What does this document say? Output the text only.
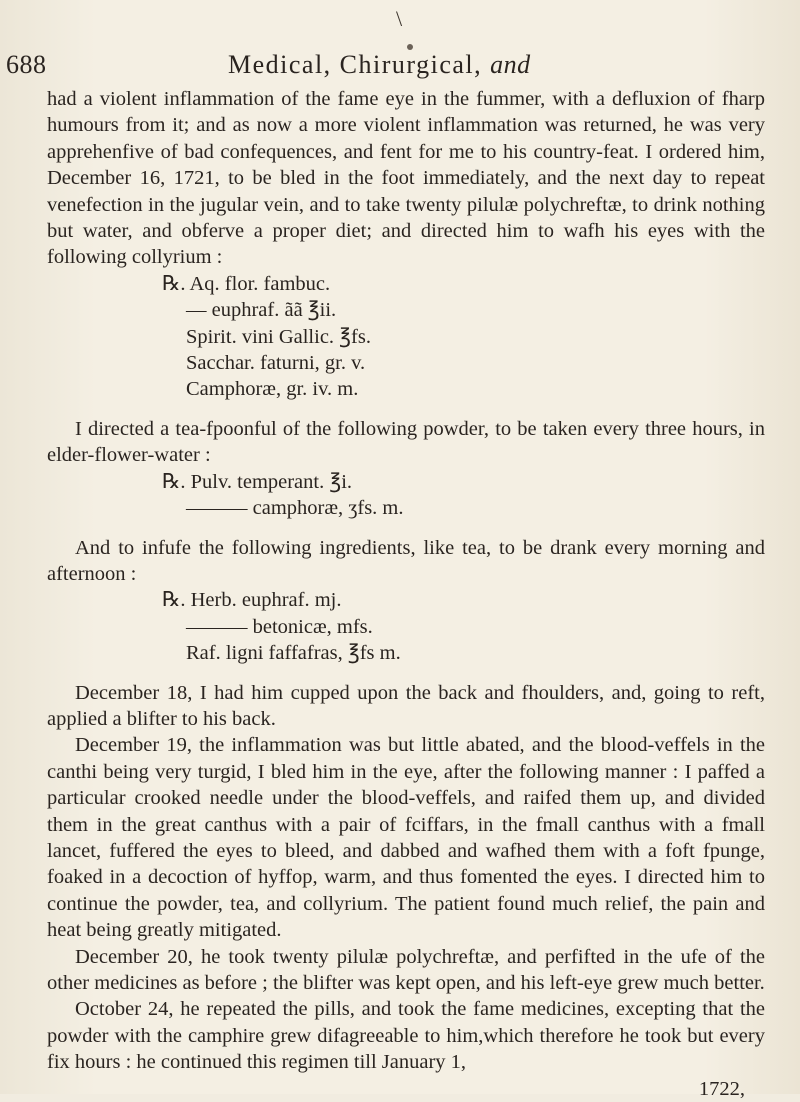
\
688	Medical, Chirurgical, and

had a violent inflammation of the fame eye in the fummer, with a defluxion of fharp humours from it; and as now a more violent inflammation was returned, he was very apprehenfive of bad confequences, and fent for me to his country-feat. I ordered him, December 16, 1721, to be bled in the foot immediately, and the next day to repeat venefection in the jugular vein, and to take twenty pilulæ polychreftæ, to drink nothing but water, and obferve a proper diet; and directed him to wafh his eyes with the following collyrium :

℞. Aq. flor. fambuc.
— euphraf. ãã ℥ii.
Spirit. vini Gallic. ℥fs.
Sacchar. faturni, gr. v.
Camphoræ, gr. iv. m.

I directed a tea-fpoonful of the following powder, to be taken every three hours, in elder-flower-water :

℞. Pulv. temperant. ℥i.
——— camphoræ, ʒfs. m.

And to infufe the following ingredients, like tea, to be drank every morning and afternoon :

℞. Herb. euphraf. mj.
——— betonicæ, mfs.
Raf. ligni faffafras, ℥fs m.

December 18, I had him cupped upon the back and fhoulders, and, going to reft, applied a blifter to his back.

December 19, the inflammation was but little abated, and the blood-veffels in the canthi being very turgid, I bled him in the eye, after the following manner : I paffed a particular crooked needle under the blood-veffels, and raifed them up, and divided them in the great canthus with a pair of fciffars, in the fmall canthus with a fmall lancet, fuffered the eyes to bleed, and dabbed and wafhed them with a foft fpunge, foaked in a decoction of hyffop, warm, and thus fomented the eyes. I directed him to continue the powder, tea, and collyrium. The patient found much relief, the pain and heat being greatly mitigated.

December 20, he took twenty pilulæ polychreftæ, and perfifted in the ufe of the other medicines as before ; the blifter was kept open, and his left-eye grew much better.

October 24, he repeated the pills, and took the fame medicines, excepting that the powder with the camphire grew difagreeable to him,which therefore he took but every fix hours : he continued this regimen till January 1,

1722,
